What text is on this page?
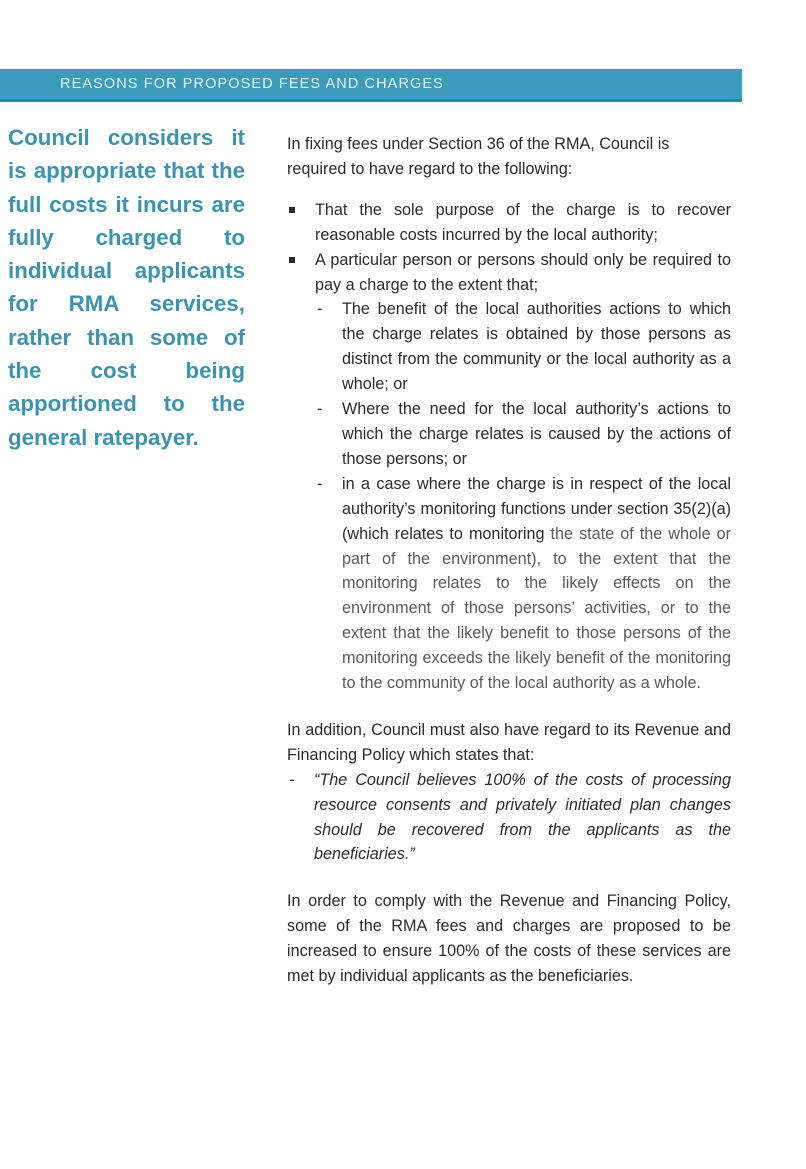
REASONS FOR PROPOSED FEES AND CHARGES
Council considers it is appropriate that the full costs it incurs are fully charged to individual applicants for RMA services, rather than some of the cost being apportioned to the general ratepayer.

In fixing fees under Section 36 of the RMA, Council is required to have regard to the following:

That the sole purpose of the charge is to recover reasonable costs incurred by the local authority;
A particular person or persons should only be required to pay a charge to the extent that;
- The benefit of the local authorities actions to which the charge relates is obtained by those persons as distinct from the community or the local authority as a whole; or
- Where the need for the local authority’s actions to which the charge relates is caused by the actions of those persons; or
- in a case where the charge is in respect of the local authority’s monitoring functions under section 35(2)(a) (which relates to monitoring the state of the whole or part of the environment), to the extent that the monitoring relates to the likely effects on the environment of those persons’ activities, or to the extent that the likely benefit to those persons of the monitoring exceeds the likely benefit of the monitoring to the community of the local authority as a whole.

In addition, Council must also have regard to its Revenue and Financing Policy which states that:

- “The Council believes 100% of the costs of processing resource consents and privately initiated plan changes should be recovered from the applicants as the beneficiaries.”

In order to comply with the Revenue and Financing Policy, some of the RMA fees and charges are proposed to be increased to ensure 100% of the costs of these services are met by individual applicants as the beneficiaries.
